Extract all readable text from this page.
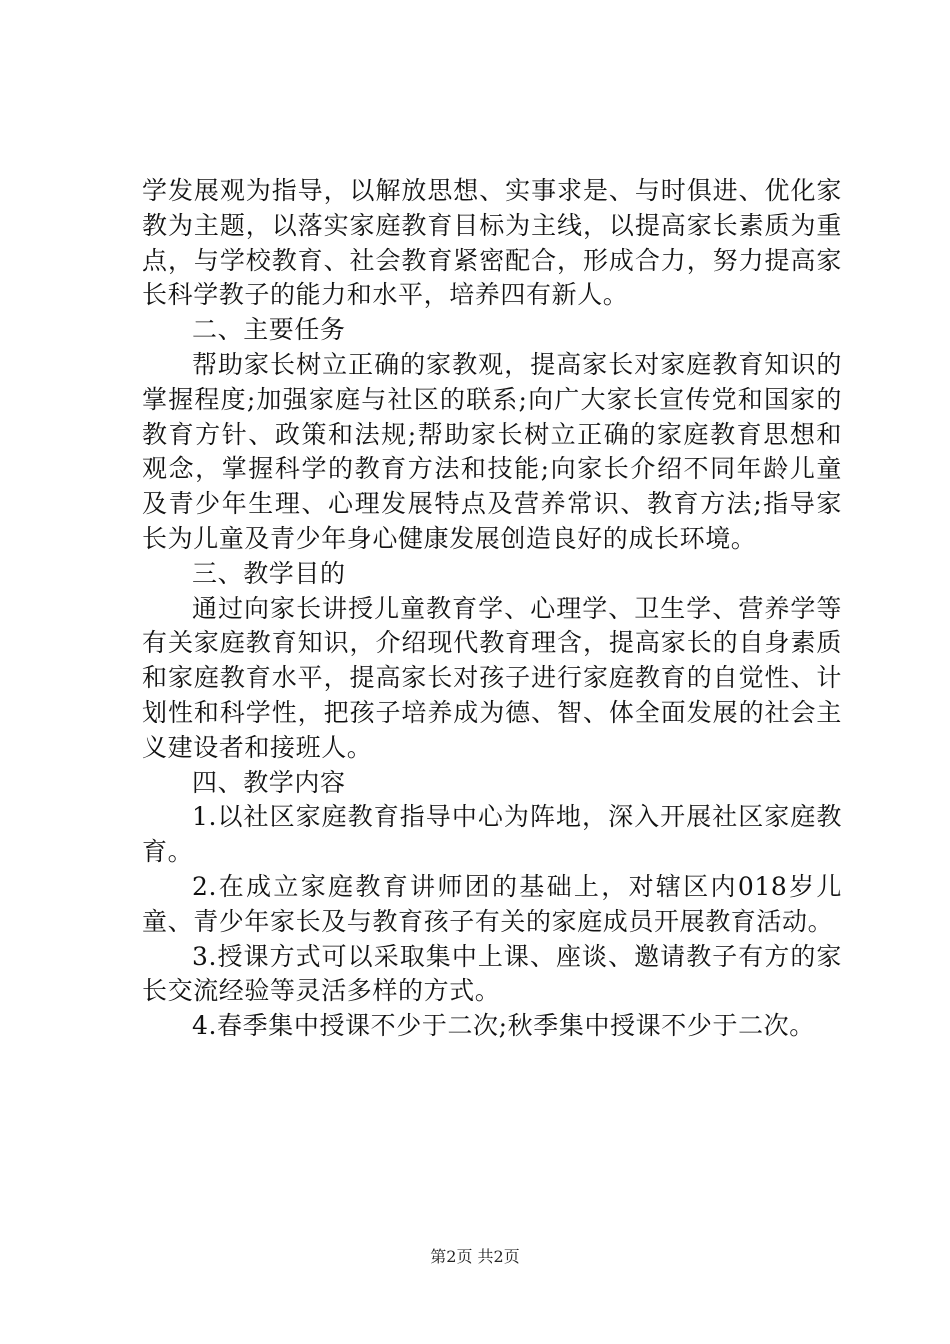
学发展观为指导，以解放思想、实事求是、与时俱进、优化家教为主题，以落实家庭教育目标为主线，以提高家长素质为重点，与学校教育、社会教育紧密配合，形成合力，努力提高家长科学教子的能力和水平，培养四有新人。

二、主要任务

帮助家长树立正确的家教观，提高家长对家庭教育知识的掌握程度;加强家庭与社区的联系;向广大家长宣传党和国家的教育方针、政策和法规;帮助家长树立正确的家庭教育思想和观念，掌握科学的教育方法和技能;向家长介绍不同年龄儿童及青少年生理、心理发展特点及营养常识、教育方法;指导家长为儿童及青少年身心健康发展创造良好的成长环境。

三、教学目的

通过向家长讲授儿童教育学、心理学、卫生学、营养学等有关家庭教育知识，介绍现代教育理含，提高家长的自身素质和家庭教育水平，提高家长对孩子进行家庭教育的自觉性、计划性和科学性，把孩子培养成为德、智、体全面发展的社会主义建设者和接班人。

四、教学内容

1.以社区家庭教育指导中心为阵地，深入开展社区家庭教育。

2.在成立家庭教育讲师团的基础上，对辖区内018岁儿童、青少年家长及与教育孩子有关的家庭成员开展教育活动。

3.授课方式可以采取集中上课、座谈、邀请教子有方的家长交流经验等灵活多样的方式。

4.春季集中授课不少于二次;秋季集中授课不少于二次。

第2页 共2页
